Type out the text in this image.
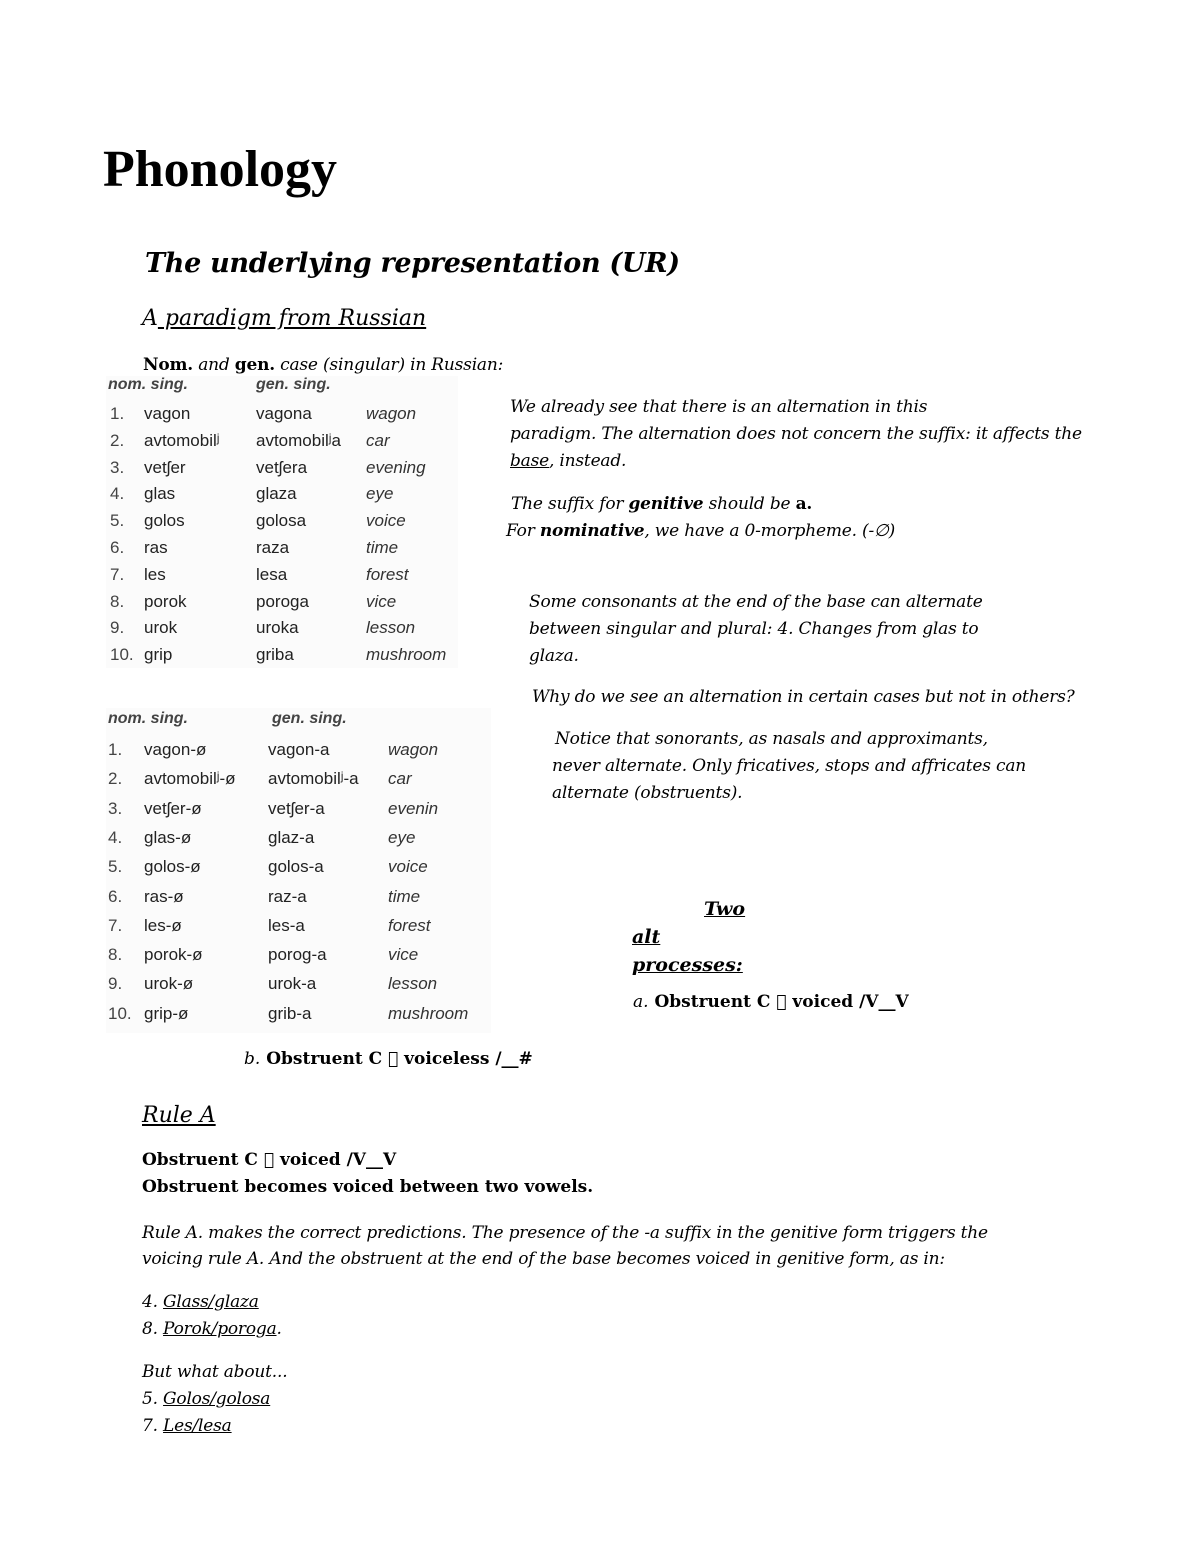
Phonology
The underlying representation (UR)
A paradigm from Russian
Nom. and gen. case (singular) in Russian:
nom. sing.	gen. sing.
1. vagon	vagona	wagon
2. avtomobilʲ avtomobilʲa car
3. vetʃer	vetʃera	evening
4. glas	glaza	eye
5. golos	golosa	voice
6. ras	raza	time
7. les	lesa	forest
8. porok	poroga	vice
9. urok	uroka	lesson
10. grip	griba	mushroom
nom. sing.	gen. sing.
1. vagon-ø	vagon-a	wagon
2. avtomobilʲ-ø avtomobilʲ-a car
3. vetʃer-ø	vetʃer-a	evenin
4. glas-ø	glaz-a	eye
5. golos-ø	golos-a	voice
6. ras-ø	raz-a	time
7. les-ø	les-a	forest
8. porok-ø	porog-a	vice
9. urok-ø	urok-a	lesson
10. grip-ø	grib-a	mushroom
We already see that there is an alternation in this
paradigm. The alternation does not concern the suffix: it affects the
base, instead.
The suffix for genitive should be a.
For nominative, we have a 0-morpheme. (-∅)
Some consonants at the end of the base can alternate
between singular and plural: 4. Changes from glas to
glaza.
Why do we see an alternation in certain cases but not in others?
Notice that sonorants, as nasals and approximants,
never alternate. Only fricatives, stops and affricates can
alternate (obstruents).
Two
alt
processes:
a. Obstruent C voiced /V__V
b. Obstruent C voiceless /__#
Rule A
Obstruent C voiced /V__V
Obstruent becomes voiced between two vowels.
Rule A. makes the correct predictions. The presence of the -a suffix in the genitive form triggers the
voicing rule A. And the obstruent at the end of the base becomes voiced in genitive form, as in:
4. Glass/glaza
8. Porok/poroga.
But what about...
5. Golos/golosa
7. Les/lesa
